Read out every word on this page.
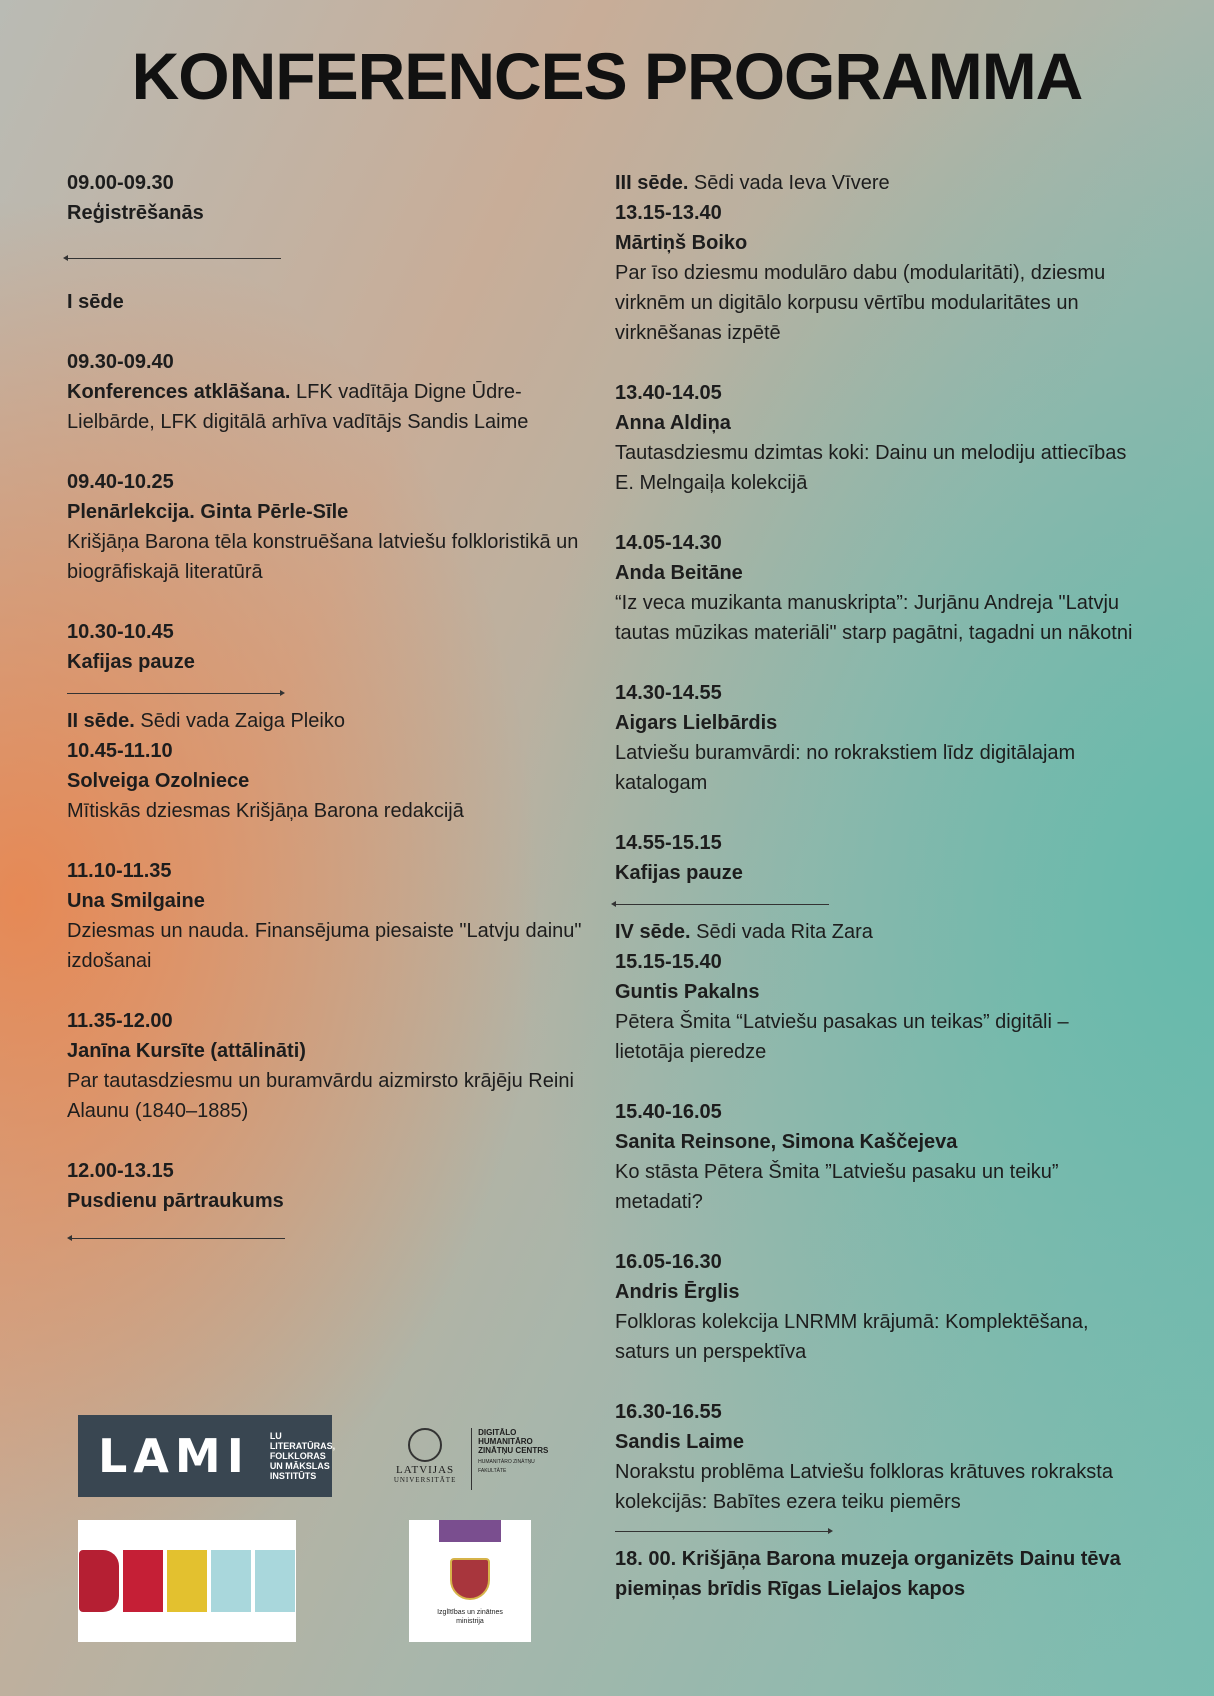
KONFERENCES PROGRAMMA
09.00-09.30
Reģistrēšanās
I sēde
09.30-09.40
Konferences atklāšana. LFK vadītāja Digne Ūdre-Lielbārde, LFK digitālā arhīva vadītājs Sandis Laime
09.40-10.25
Plenārlekcija. Ginta Pērle-Sīle
Krišjāņa Barona tēla konstruēšana latviešu folkloristikā un biogrāfiskajā literatūrā
10.30-10.45
Kafijas pauze
II sēde. Sēdi vada Zaiga Pleiko
10.45-11.10
Solveiga Ozolniece
Mītiskās dziesmas Krišjāņa Barona redakcijā
11.10-11.35
Una Smilgaine
Dziesmas un nauda. Finansējuma piesaiste "Latvju dainu" izdošanai
11.35-12.00
Janīna Kursīte (attālināti)
Par tautasdziesmu un buramvārdu aizmirsto krājēju Reini Alaunu (1840–1885)
12.00-13.15
Pusdienu pārtraukums
III sēde. Sēdi vada Ieva Vīvere
13.15-13.40
Mārtiņš Boiko
Par īso dziesmu modulāro dabu (modularitāti), dziesmu virknēm un digitālo korpusu vērtību modularitātes un virknēšanas izpētē
13.40-14.05
Anna Aldiņa
Tautasdziesmu dzimtas koki: Dainu un melodiju attiecības E. Melngaiļa kolekcijā
14.05-14.30
Anda Beitāne
“Iz veca muzikanta manuskripta”: Jurjānu Andreja "Latvju tautas mūzikas materiāli" starp pagātni, tagadni un nākotni
14.30-14.55
Aigars Lielbārdis
Latviešu buramvārdi: no rokrakstiem līdz digitālajam katalogam
14.55-15.15
Kafijas pauze
IV sēde. Sēdi vada Rita Zara
15.15-15.40
Guntis Pakalns
Pētera Šmita “Latviešu pasakas un teikas” digitāli – lietotāja pieredze
15.40-16.05
Sanita Reinsone, Simona Kaščejeva
Ko stāsta Pētera Šmita ”Latviešu pasaku un teiku” metadati?
16.05-16.30
Andris Ērglis
Folkloras kolekcija LNRMM krājumā: Komplektēšana, saturs un perspektīva
16.30-16.55
Sandis Laime
Norakstu problēma Latviešu folkloras krātuves rokraksta kolekcijās: Babītes ezera teiku piemērs
18. 00. Krišjāņa Barona muzeja organizēts Dainu tēva piemiņas brīdis Rīgas Lielajos kapos
LAMI LU LITERATŪRAS,
FOLKLORAS
UN MĀKSLAS
INSTITŪTS	LATVIJAS
UNIVERSITĀTE
DIGITĀLO
HUMANITĀRO
ZINĀTŅU CENTRS
HUMANITĀRO ZINĀTŅU FAKULTĀTE
Izglītības un zinātnes
ministrija
